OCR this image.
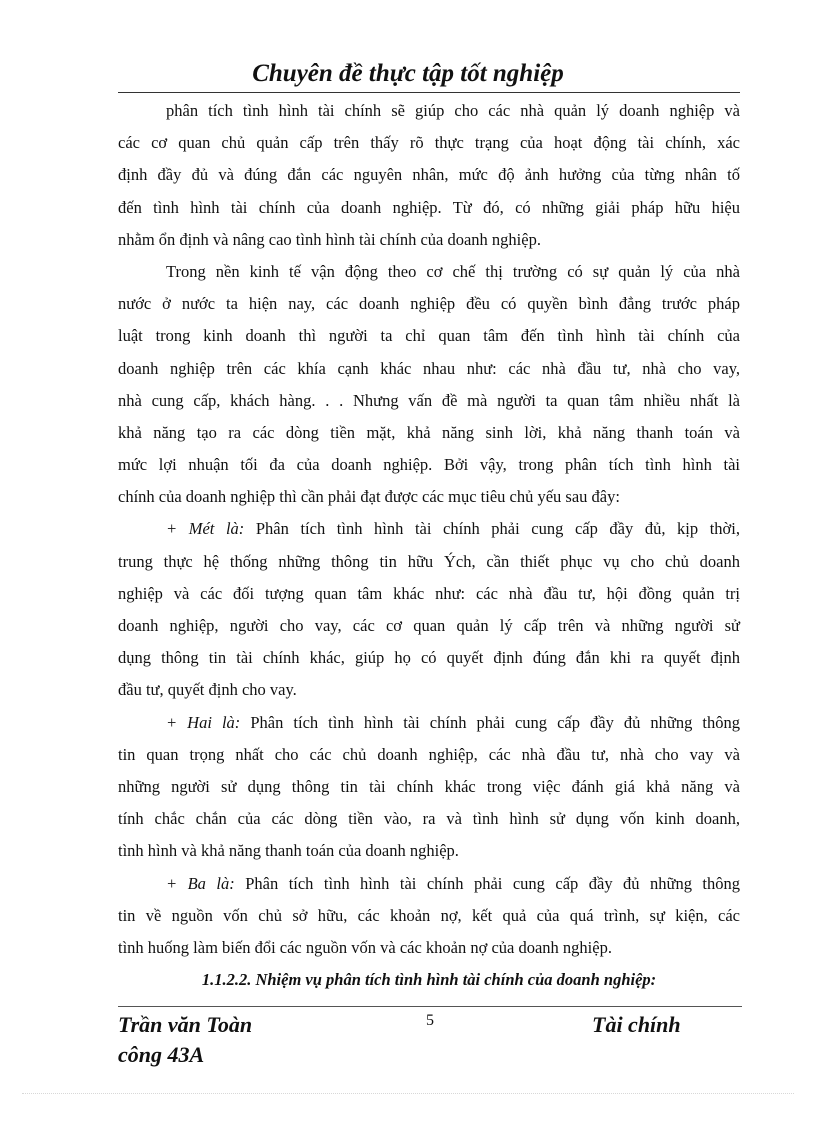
Chuyên đề thực tập tốt nghiệp
phân tích tình hình tài chính sẽ giúp cho các nhà quản lý doanh nghiệp và
các cơ quan chủ quản cấp trên thấy rõ thực trạng của hoạt động tài chính, xác
định đầy đủ và đúng đắn các nguyên nhân, mức độ ảnh hưởng của từng nhân tố
đến tình hình tài chính của doanh nghiệp. Từ đó, có những giải pháp hữu hiệu
nhằm ổn định và nâng cao tình hình tài chính của doanh nghiệp.
Trong nền kinh tế vận động theo cơ chế thị trường có sự quản lý của nhà
nước ở nước ta hiện nay, các doanh nghiệp đều có quyền bình đẳng trước pháp
luật trong kinh doanh thì người ta chỉ quan tâm đến tình hình tài chính của
doanh nghiệp trên các khía cạnh khác nhau như: các nhà đầu tư, nhà cho vay,
nhà cung cấp, khách hàng. . . Nhưng vấn đề mà người ta quan tâm nhiều nhất là
khả năng tạo ra các dòng tiền mặt, khả năng sinh lời, khả năng thanh toán và
mức lợi nhuận tối đa của doanh nghiệp. Bởi vậy, trong phân tích tình hình tài
chính của doanh nghiệp thì cần phải đạt được các mục tiêu chủ yếu sau đây:
+ Mét là: Phân tích tình hình tài chính phải cung cấp đầy đủ, kịp thời,
trung thực hệ thống những thông tin hữu Ých, cần thiết phục vụ cho chủ doanh
nghiệp và các đối tượng quan tâm khác như: các nhà đầu tư, hội đồng quản trị
doanh nghiệp, người cho vay, các cơ quan quản lý cấp trên và những người sử
dụng thông tin tài chính khác, giúp họ có quyết định đúng đắn khi ra quyết định
đầu tư, quyết định cho vay.
+ Hai là: Phân tích tình hình tài chính phải cung cấp đầy đủ những thông
tin quan trọng nhất cho các chủ doanh nghiệp, các nhà đầu tư, nhà cho vay và
những người sử dụng thông tin tài chính khác trong việc đánh giá khả năng và
tính chắc chắn của các dòng tiền vào, ra và tình hình sử dụng vốn kinh doanh,
tình hình và khả năng thanh toán của doanh nghiệp.
+ Ba là: Phân tích tình hình tài chính phải cung cấp đầy đủ những thông
tin về nguồn vốn chủ sở hữu, các khoản nợ, kết quả của quá trình, sự kiện, các
tình huống làm biến đổi các nguồn vốn và các khoản nợ của doanh nghiệp.
1.1.2.2. Nhiệm vụ phân tích tình hình tài chính của doanh nghiệp:
Trần văn Toàn
công 43A
5	Tài chính
